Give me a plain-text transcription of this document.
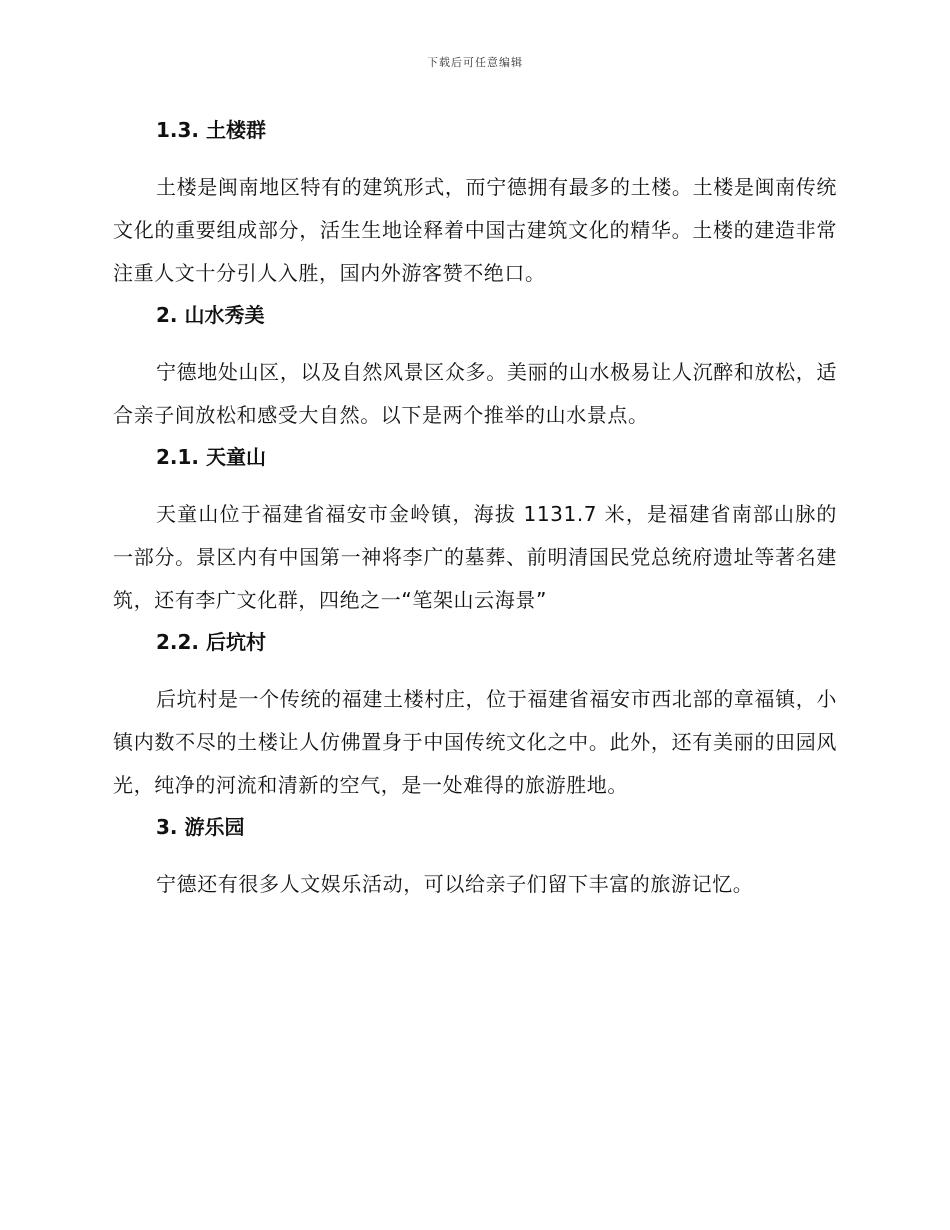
下载后可任意编辑
1.3. 土楼群

土楼是闽南地区特有的建筑形式，而宁德拥有最多的土楼。土楼是闽南传统文化的重要组成部分，活生生地诠释着中国古建筑文化的精华。土楼的建造非常注重人文十分引人入胜，国内外游客赞不绝口。

2. 山水秀美

宁德地处山区，以及自然风景区众多。美丽的山水极易让人沉醉和放松，适合亲子间放松和感受大自然。以下是两个推举的山水景点。

2.1. 天童山

天童山位于福建省福安市金岭镇，海拔 1131.7 米，是福建省南部山脉的一部分。景区内有中国第一神将李广的墓葬、前明清国民党总统府遗址等著名建筑，还有李广文化群，四绝之一“笔架山云海景”

2.2. 后坑村

后坑村是一个传统的福建土楼村庄，位于福建省福安市西北部的章福镇，小镇内数不尽的土楼让人仿佛置身于中国传统文化之中。此外，还有美丽的田园风光，纯净的河流和清新的空气，是一处难得的旅游胜地。

3. 游乐园

宁德还有很多人文娱乐活动，可以给亲子们留下丰富的旅游记忆。
